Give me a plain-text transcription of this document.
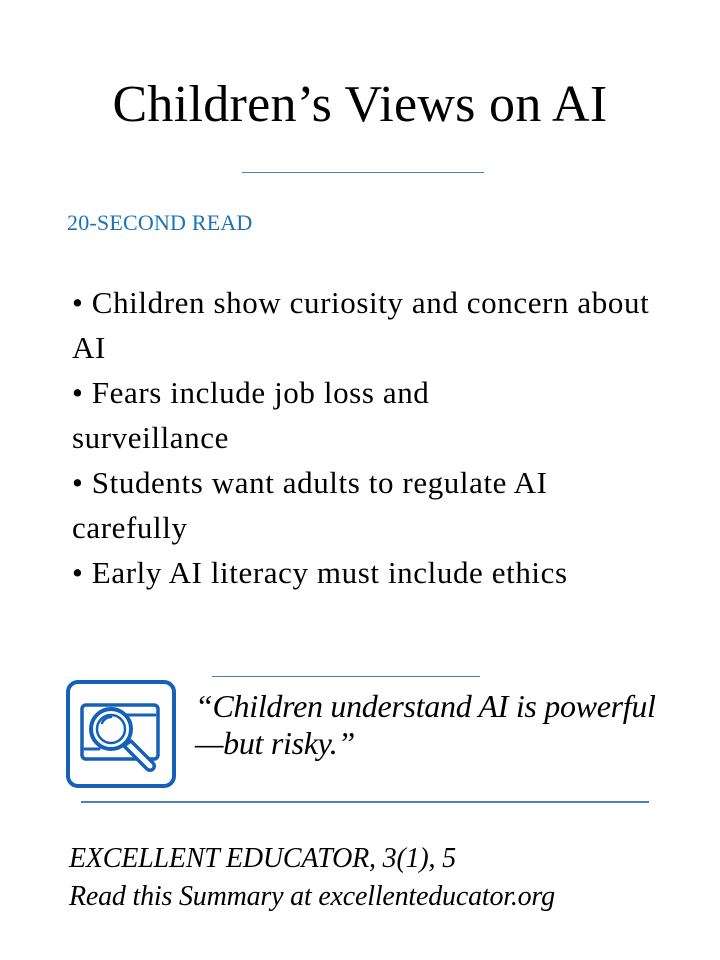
Children’s Views on AI
20-SECOND READ
• Children show curiosity and concern about AI
• Fears include job loss and surveillance
• Students want adults to regulate AI carefully
• Early AI literacy must include ethics
“Children understand AI is powerful—but risky.”
EXCELLENT EDUCATOR, 3(1), 5
Read this Summary at excellenteducator.org
